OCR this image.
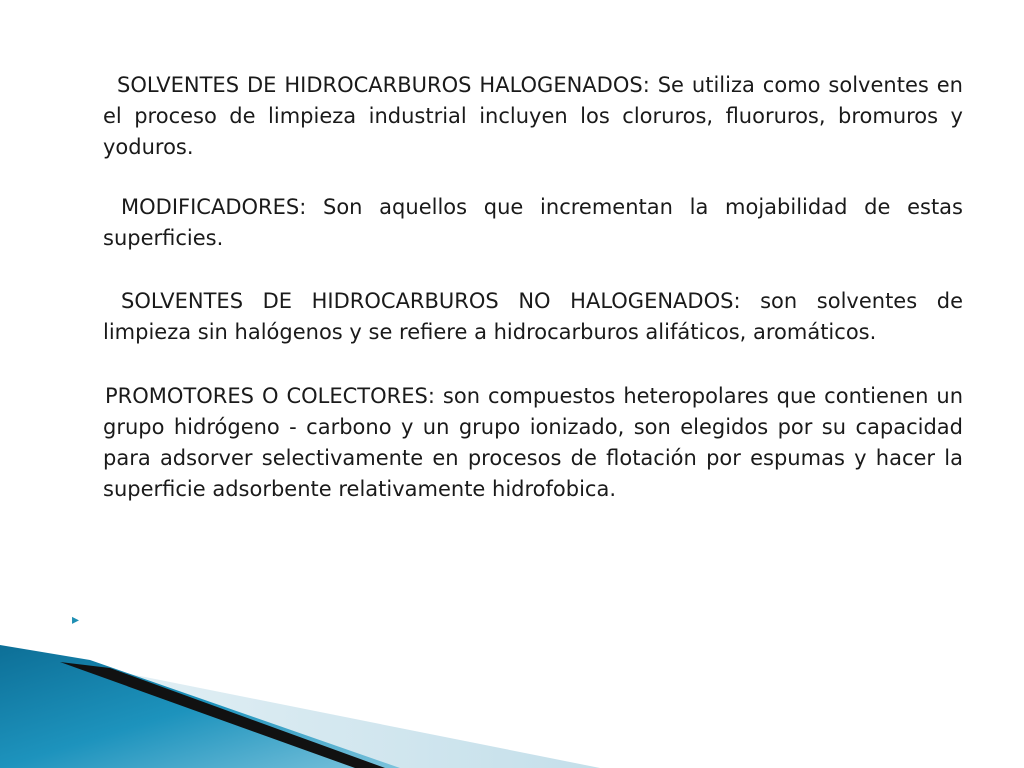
SOLVENTES DE HIDROCARBUROS HALOGENADOS: Se utiliza como solventes en el proceso de limpieza industrial incluyen los cloruros, fluoruros, bromuros y yoduros.

MODIFICADORES: Son aquellos que incrementan la mojabilidad de estas superficies.

SOLVENTES DE HIDROCARBUROS NO HALOGENADOS: son solventes de limpieza sin halógenos y se refiere a hidrocarburos alifáticos, aromáticos.

PROMOTORES O COLECTORES: son compuestos heteropolares que contienen un grupo hidrógeno - carbono y un grupo ionizado, son elegidos por su capacidad para adsorver selectivamente en procesos de flotación por espumas y hacer la superficie adsorbente relativamente hidrofobica.

▸
